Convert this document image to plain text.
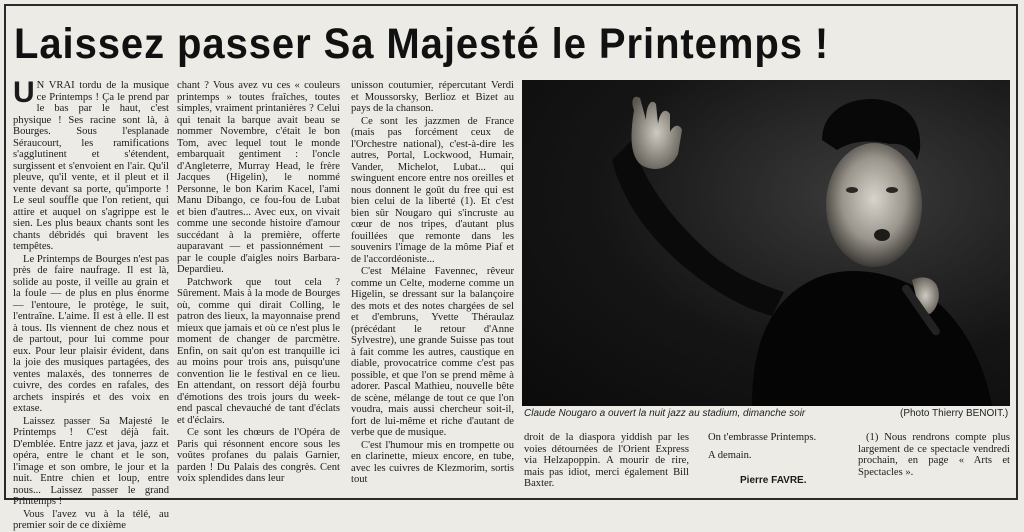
Laissez passer Sa Majesté le Printemps !

U N VRAI tordu de la musique ce Printemps ! Ça le prend par le bas par le haut, c'est physique ! Ses racine sont là, à Bourges. Sous l'esplanade Séraucourt, les ramifications s'agglutinent et s'étendent, surgissent et s'envoient en l'air. Qu'il pleuve, qu'il vente, et il pleut et il vente devant sa porte, qu'importe ! Le seul souffle que l'on retient, qui attire et auquel on s'agrippe est le sien. Les plus beaux chants sont les chants débridés qui bravent les tempêtes.

Le Printemps de Bourges n'est pas près de faire naufrage. Il est là, solide au poste, il veille au grain et la foule — de plus en plus énorme — l'entoure, le protège, le suit, l'entraîne. L'aime. Il est à elle. Il est à tous. Ils viennent de chez nous et de partout, pour lui comme pour eux. Pour leur plaisir évident, dans la joie des musiques partagées, des ventes malaxés, des tonnerres de cuivre, des cordes en rafales, des archets inspirés et des voix en extase.

Laissez passer Sa Majesté le Printemps ! C'est déjà fait. D'emblée. Entre jazz et java, jazz et opéra, entre le chant et le son, l'image et son ombre, le jour et la nuit. Entre chien et loup, entre nous... Laissez passer le grand Printemps !

Vous l'avez vu à la télé, au premier soir de ce dixième

chant ? Vous avez vu ces « couleurs printemps » toutes fraîches, toutes simples, vraiment printanières ? Celui qui tenait la barque avait beau se nommer Novembre, c'était le bon Tom, avec lequel tout le monde embarquait gentiment : l'oncle d'Angleterre, Murray Head, le frère Jacques (Higelin), le nommé Personne, le bon Karim Kacel, l'ami Manu Dibango, ce fou-fou de Lubat et bien d'autres... Avec eux, on vivait comme une seconde histoire d'amour succédant à la première, offerte auparavant — et passionnément — par le couple d'aigles noirs Barbara-Depardieu.

Patchwork que tout cela ? Sûrement. Mais à la mode de Bourges où, comme qui dirait Colling, le patron des lieux, la mayonnaise prend mieux que jamais et où ce n'est plus le moment de changer de parcmètre. Enfin, on sait qu'on est tranquille ici au moins pour trois ans, puisqu'une convention lie le festival en ce lieu. En attendant, on ressort déjà fourbu d'émotions des trois jours du week-end pascal chevauché de tant d'éclats et d'éclairs.

Ce sont les chœurs de l'Opéra de Paris qui résonnent encore sous les voûtes profanes du palais Garnier, parden ! Du Palais des congrès. Cent voix splendides dans leur

unisson coutumier, répercutant Verdi et Moussorsky, Berlioz et Bizet au pays de la chanson.

Ce sont les jazzmen de France (mais pas forcément ceux de l'Orchestre national), c'est-à-dire les autres, Portal, Lockwood, Humair, Vander, Michelot, Lubat... qui swinguent encore entre nos oreilles et nous donnent le goût du free qui est bien celui de la liberté (1). Et c'est bien sûr Nougaro qui s'incruste au cœur de nos tripes, d'autant plus fouillées que remonte dans les souvenirs l'image de la môme Piaf et de l'accordéoniste...

C'est Mélaine Favennec, rêveur comme un Celte, moderne comme un Higelin, se dressant sur la balançoire des mots et des notes chargées de sel et d'embruns, Yvette Théraulaz (précédant le retour d'Anne Sylvestre), une grande Suisse pas tout à fait comme les autres, caustique en diable, provocatrice comme c'est pas possible, et que l'on se prend même à adorer. Pascal Mathieu, nouvelle bête de scène, mélange de tout ce que l'on voudra, mais aussi chercheur soit-il, fort de lui-même et riche d'autant de verbe que de musique.

C'est l'humour mis en trompette ou en clarinette, mieux encore, en tube, avec les cuivres de Klezmorim, sortis tout

Claude Nougaro a ouvert la nuit jazz au stadium, dimanche soir	(Photo Thierry BENOIT.)

droit de la diaspora yiddish par les voies détournées de l'Orient Express via Helzapoppin. A mourir de rire, mais pas idiot, merci également Bill Baxter.

On t'embrasse Printemps.

A demain.

Pierre FAVRE.

(1) Nous rendrons compte plus largement de ce spectacle vendredi prochain, en page « Arts et Spectacles ».
